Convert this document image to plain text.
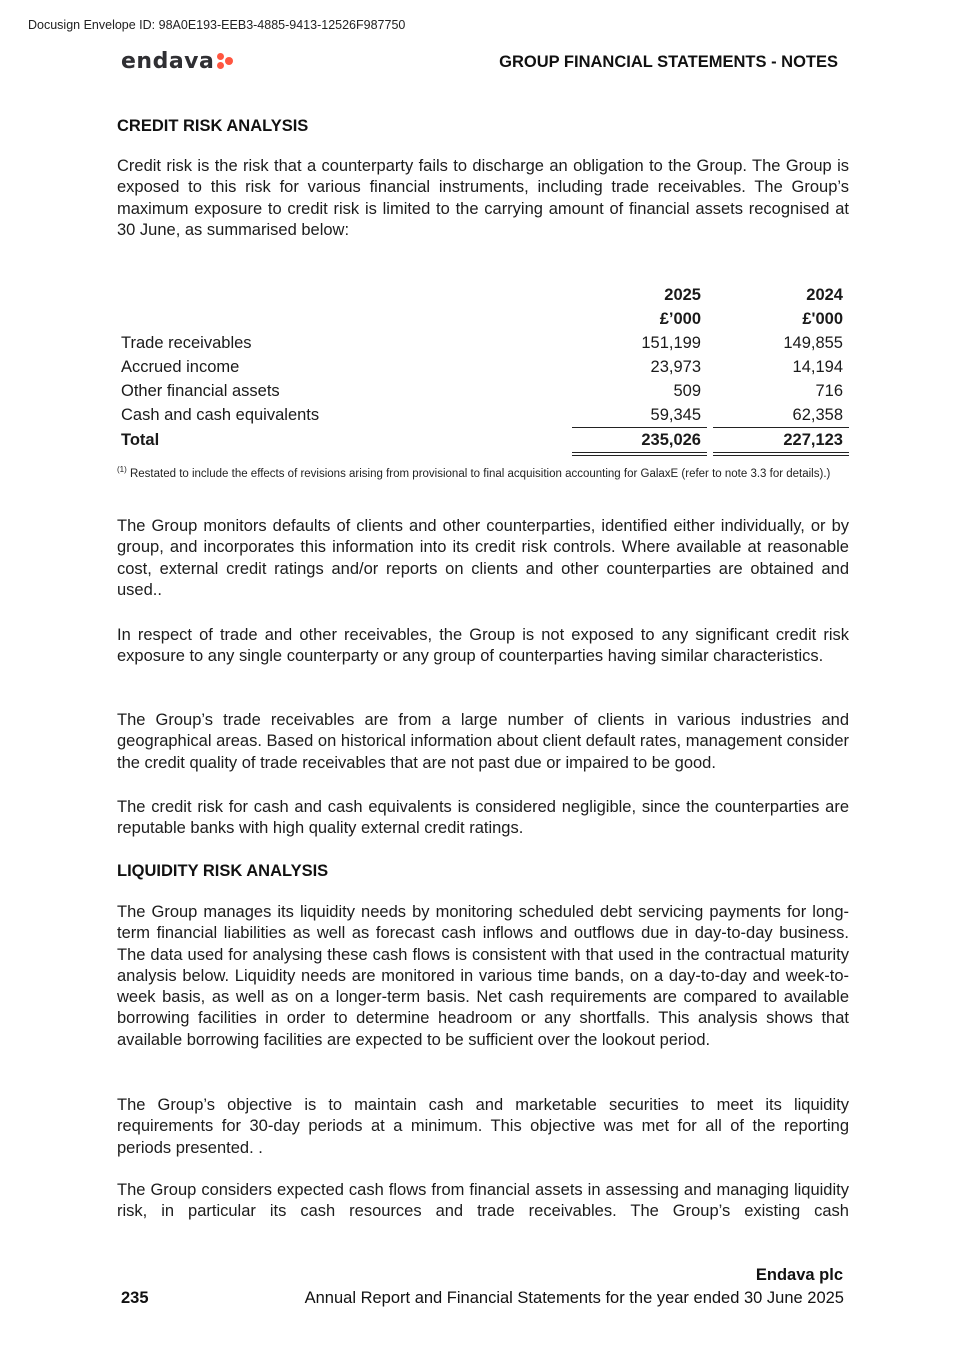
Docusign Envelope ID: 98A0E193-EEB3-4885-9413-12526F987750
endava	GROUP FINANCIAL STATEMENTS - NOTES
CREDIT RISK ANALYSIS
Credit risk is the risk that a counterparty fails to discharge an obligation to the Group. The Group is exposed to this risk for various financial instruments, including trade receivables. The Group’s maximum exposure to credit risk is limited to the carrying amount of financial assets recognised at 30 June, as summarised below:
	2025		2024
	£’000		£'000
Trade receivables	151,199		149,855
Accrued income	23,973		14,194
Other financial assets	509		716
Cash and cash equivalents	59,345		62,358
Total	235,026		227,123
$^{(1)}$ Restated to include the effects of revisions arising from provisional to final acquisition accounting for GalaxE (refer to note 3.3 for details).)
The Group monitors defaults of clients and other counterparties, identified either individually, or by group, and incorporates this information into its credit risk controls. Where available at reasonable cost, external credit ratings and/or reports on clients and other counterparties are obtained and used..
In respect of trade and other receivables, the Group is not exposed to any significant credit risk exposure to any single counterparty or any group of counterparties having similar characteristics.
The Group’s trade receivables are from a large number of clients in various industries and geographical areas. Based on historical information about client default rates, management consider the credit quality of trade receivables that are not past due or impaired to be good.
The credit risk for cash and cash equivalents is considered negligible, since the counterparties are reputable banks with high quality external credit ratings.
LIQUIDITY RISK ANALYSIS
The Group manages its liquidity needs by monitoring scheduled debt servicing payments for long-term financial liabilities as well as forecast cash inflows and outflows due in day-to-day business. The data used for analysing these cash flows is consistent with that used in the contractual maturity analysis below. Liquidity needs are monitored in various time bands, on a day-to-day and week-to-week basis, as well as on a longer-term basis. Net cash requirements are compared to available borrowing facilities in order to determine headroom or any shortfalls. This analysis shows that available borrowing facilities are expected to be sufficient over the lookout period.
The Group’s objective is to maintain cash and marketable securities to meet its liquidity requirements for 30-day periods at a minimum. This objective was met for all of the reporting periods presented. .
The Group considers expected cash flows from financial assets in assessing and managing liquidity risk, in particular its cash resources and trade receivables. The Group’s existing cash
Endava plc
235	Annual Report and Financial Statements for the year ended 30 June 2025
